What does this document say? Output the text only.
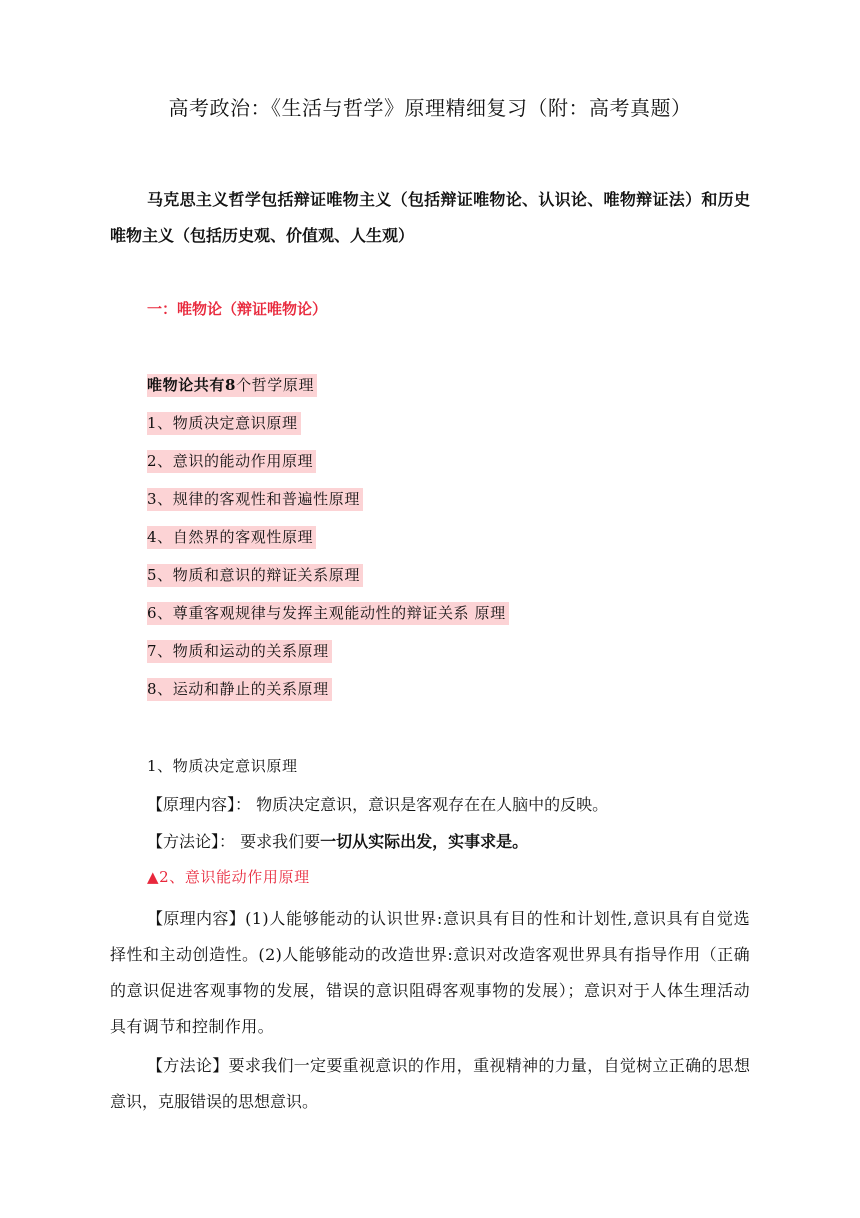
高考政治：《生活与哲学》原理精细复习（附：高考真题）
马克思主义哲学包括辩证唯物主义（包括辩证唯物论、认识论、唯物辩证法）和历史唯物主义（包括历史观、价值观、人生观）
一：唯物论（辩证唯物论）
唯物论共有8个哲学原理
1、物质决定意识原理
2、意识的能动作用原理
3、规律的客观性和普遍性原理
4、自然界的客观性原理
5、物质和意识的辩证关系原理
6、尊重客观规律与发挥主观能动性的辩证关系 原理
7、物质和运动的关系原理
8、运动和静止的关系原理
1、物质决定意识原理
【原理内容】： 物质决定意识，意识是客观存在在人脑中的反映。
【方法论】： 要求我们要一切从实际出发，实事求是。
▲2、意识能动作用原理
【原理内容】(1)人能够能动的认识世界:意识具有目的性和计划性,意识具有自觉选择性和主动创造性。(2)人能够能动的改造世界:意识对改造客观世界具有指导作用（正确的意识促进客观事物的发展，错误的意识阻碍客观事物的发展）；意识对于人体生理活动具有调节和控制作用。
【方法论】要求我们一定要重视意识的作用，重视精神的力量，自觉树立正确的思想意识，克服错误的思想意识。
